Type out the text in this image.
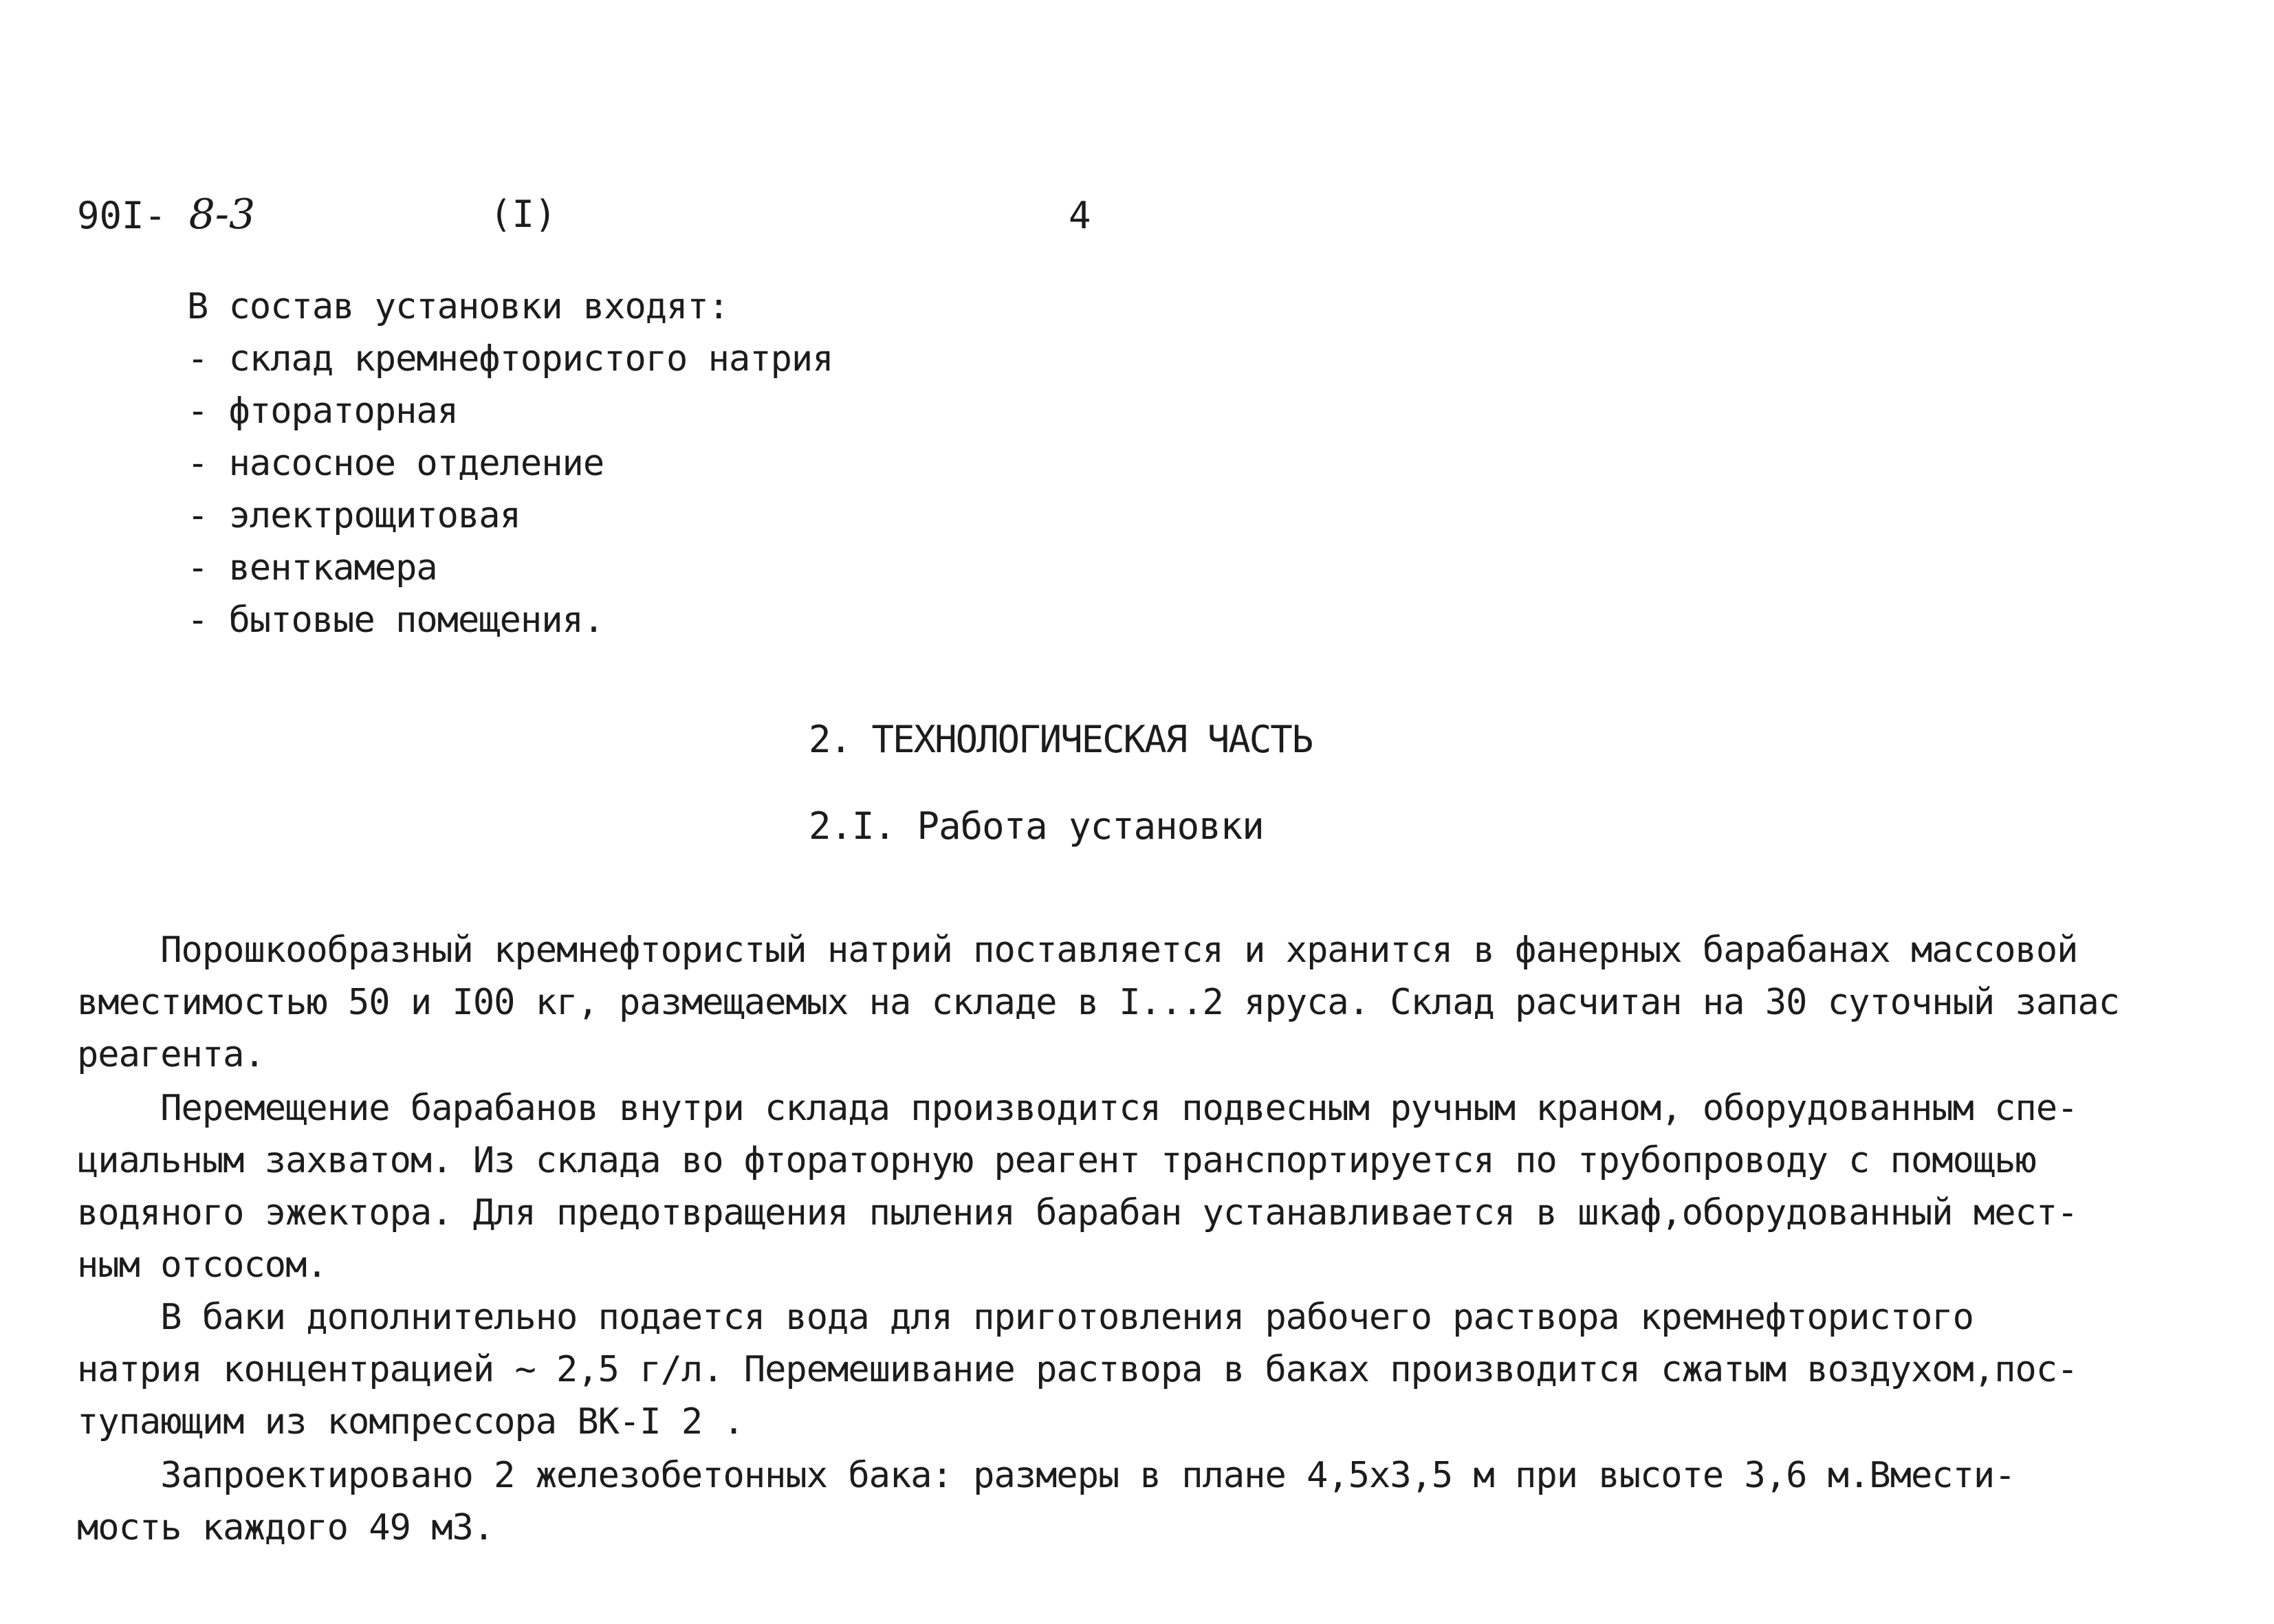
90I- 8-3	(I)	4
В состав установки входят:
- склад кремнефтористого натрия
- фтораторная
- насосное отделение
- электрощитовая
- венткамера
- бытовые помещения.
2. ТЕХНОЛОГИЧЕСКАЯ ЧАСТЬ
2.I. Работа установки
Порошкообразный кремнефтористый натрий поставляется и хранится в фанерных барабанах массовой
вместимостью 50 и I00 кг, размещаемых на складе в I...2 яруса. Склад расчитан на 30 суточный запас
реагента.
Перемещение барабанов внутри склада производится подвесным ручным краном, оборудованным спе-
циальным захватом. Из склада во фтораторную реагент транспортируется по трубопроводу с помощью
водяного эжектора. Для предотвращения пыления барабан устанавливается в шкаф,оборудованный мест-
ным отсосом.
В баки дополнительно подается вода для приготовления рабочего раствора кремнефтористого
натрия концентрацией ~ 2,5 г/л. Перемешивание раствора в баках производится сжатым воздухом,пос-
тупающим из компрессора ВК-I 2 .
Запроектировано 2 железобетонных бака: размеры в плане 4,5х3,5 м при высоте 3,6 м.Вмести-
мость каждого 49 м3.
